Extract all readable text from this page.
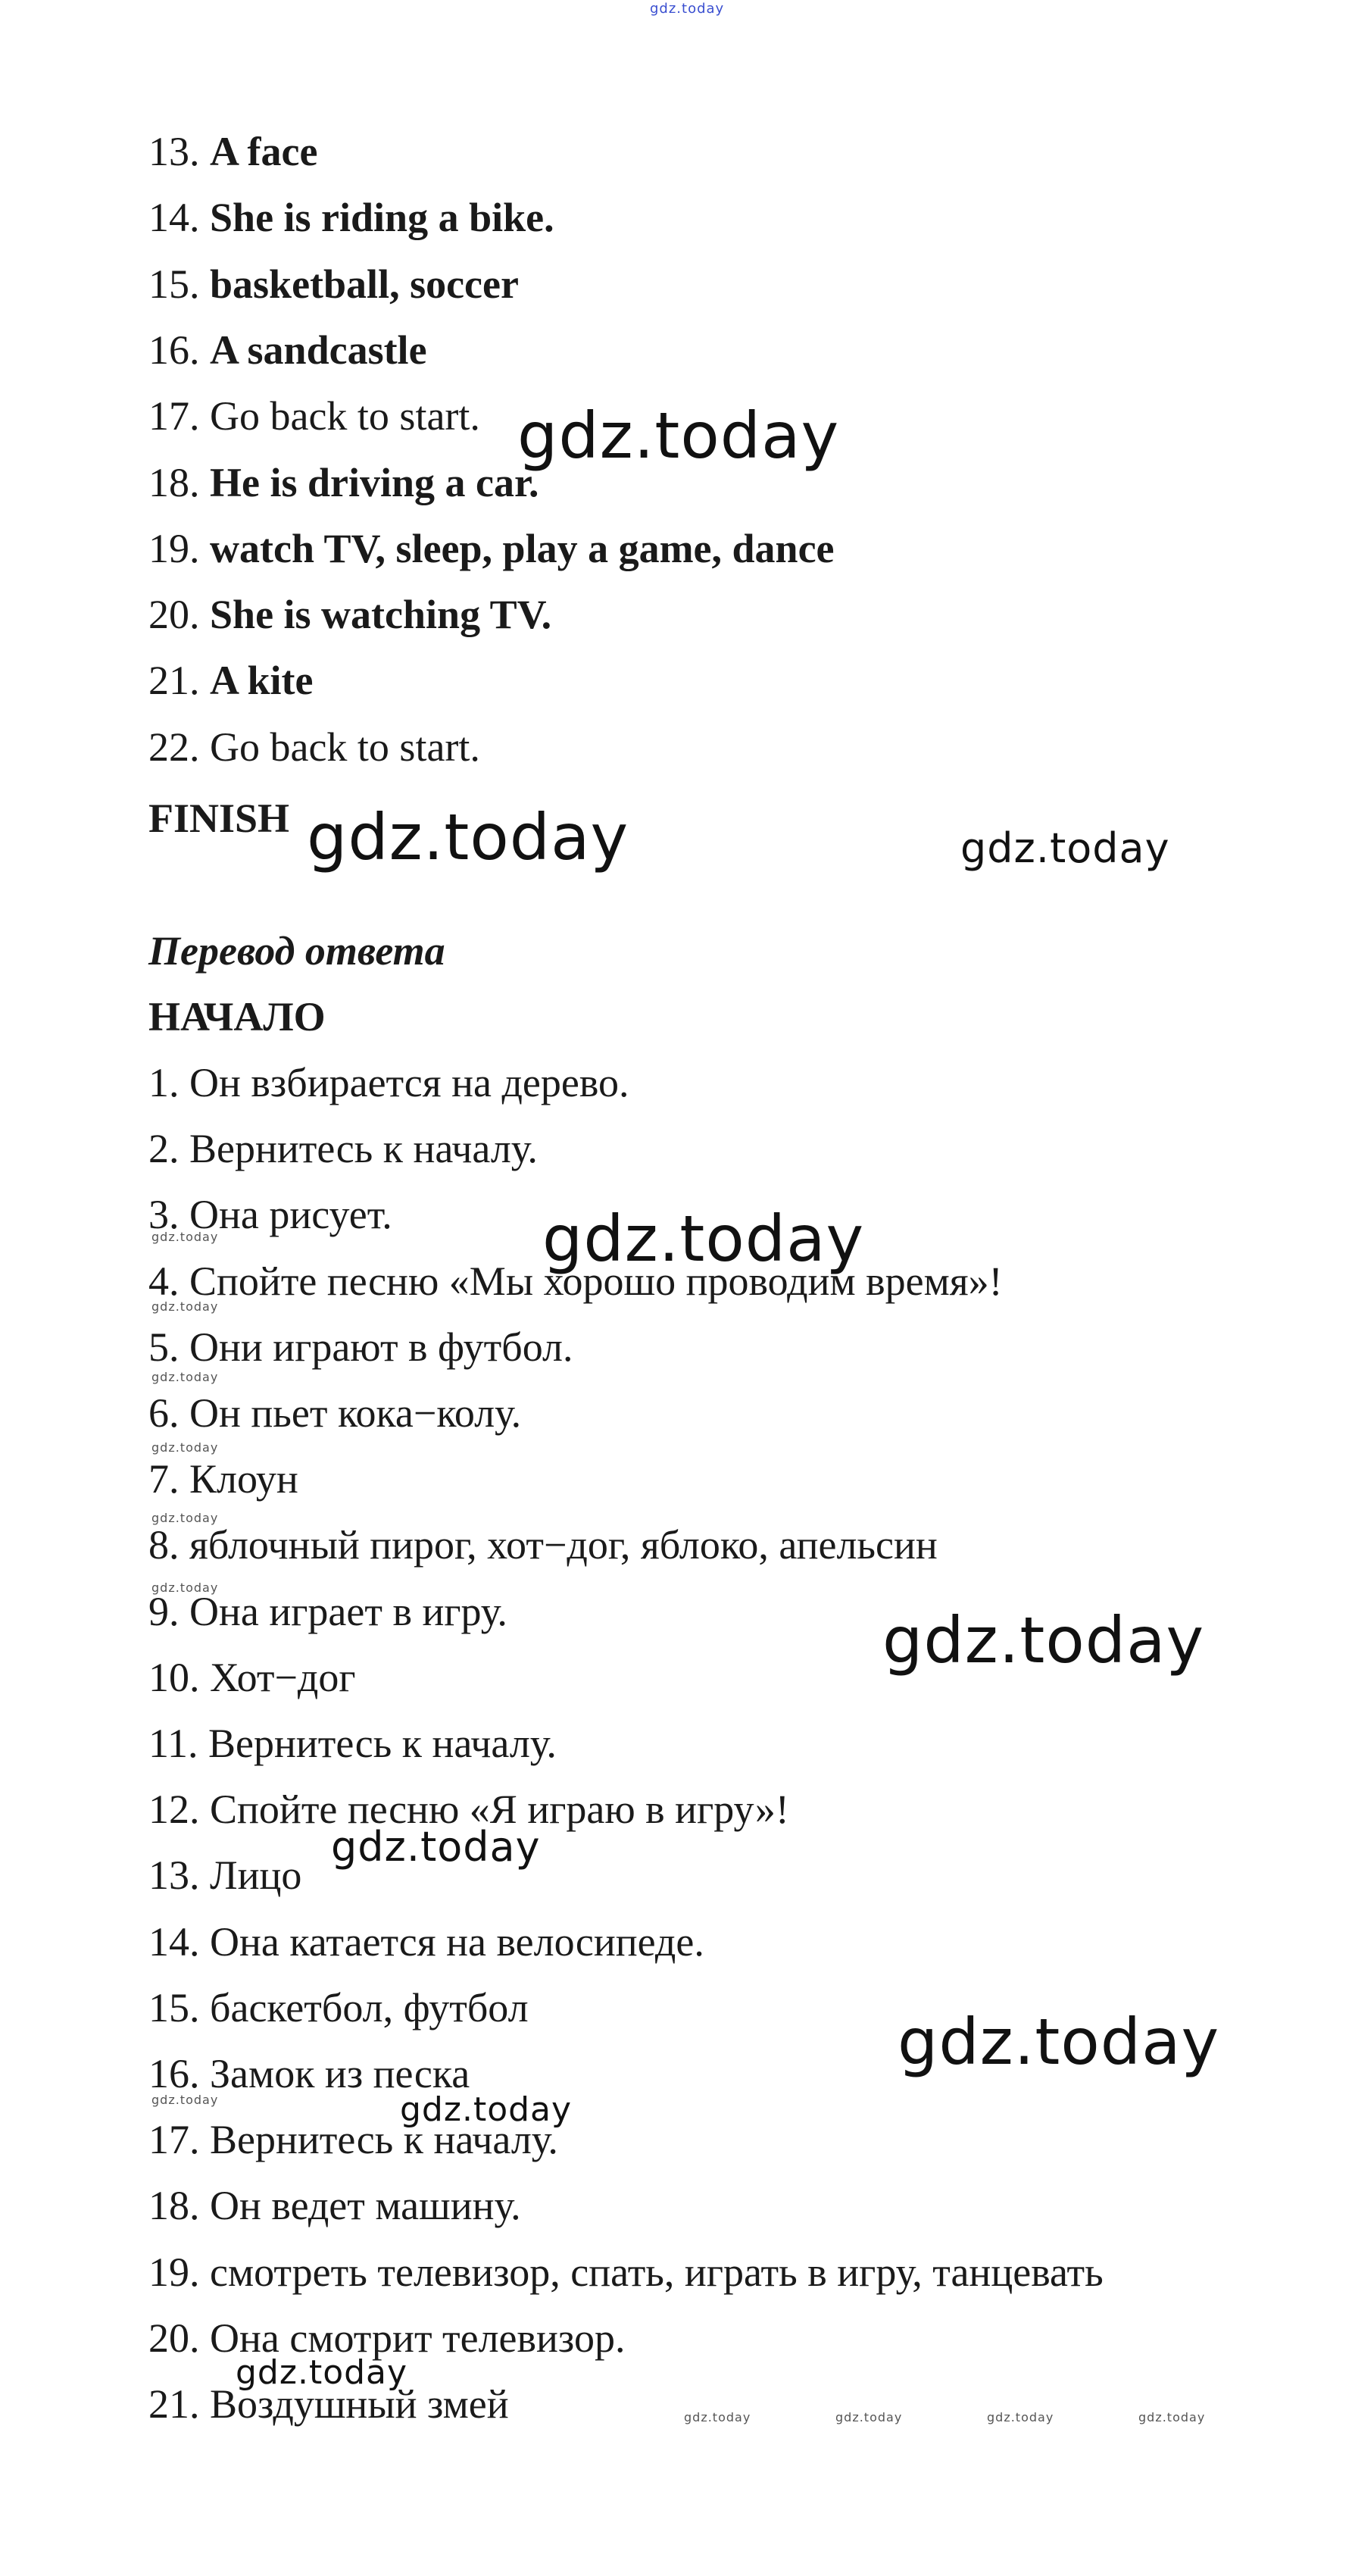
gdz.today
13. A face
14. She is riding a bike.
15. basketball, soccer
16. A sandcastle
17. Go back to start.
18. He is driving a car.
19. watch TV, sleep, play a game, dance
20. She is watching TV.
21. A kite
22. Go back to start.
FINISH
Перевод ответа
НАЧАЛО
1. Он взбирается на дерево.
2. Вернитесь к началу.
3. Она рисует.
4. Спойте песню «Мы хорошо проводим время»!
5. Они играют в футбол.
6. Он пьет кока−колу.
7. Клоун
8. яблочный пирог, хот−дог, яблоко, апельсин
9. Она играет в игру.
10. Хот−дог
11. Вернитесь к началу.
12. Спойте песню «Я играю в игру»!
13. Лицо
14. Она катается на велосипеде.
15. баскетбол, футбол
16. Замок из песка
17. Вернитесь к началу.
18. Он ведет машину.
19. смотреть телевизор, спать, играть в игру, танцевать
20. Она смотрит телевизор.
21. Воздушный змей
gdz.today
gdz.today	gdz.today
gdz.today
gdz.today
gdz.today
gdz.today
gdz.today
gdz.today
gdz.today
gdz.today
gdz.today
gdz.today
gdz.today
gdz.today
gdz.today
gdz.today	gdz.today	gdz.today	gdz.today
